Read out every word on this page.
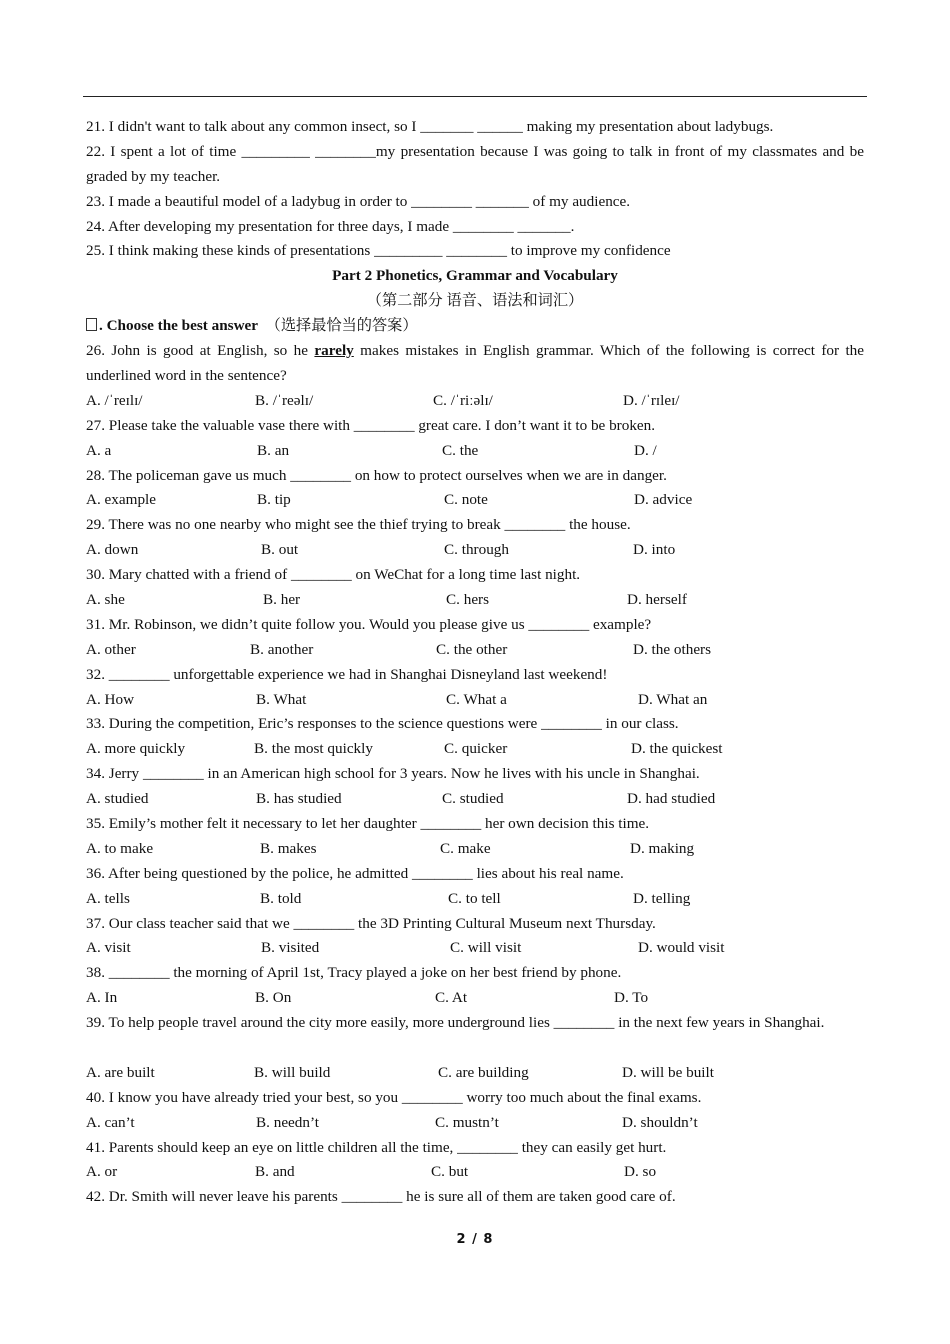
21. I didn't want to talk about any common insect, so I _______ ______ making my presentation about ladybugs.
22. I spent a lot of time _________ ________my presentation because I was going to talk in front of my classmates and be graded by my teacher.
23. I made a beautiful model of a ladybug in order to ________ _______ of my audience.
24. After developing my presentation for three days, I made ________ _______.
25. I think making these kinds of presentations _________ ________ to improve my confidence
Part 2 Phonetics, Grammar and Vocabulary
（第二部分 语音、语法和词汇）
. Choose the best answer （选择最恰当的答案）
26. John is good at English, so he rarely makes mistakes in English grammar. Which of the following is correct for the underlined word in the sentence?
A. /ˈreɪlɪ/	B. /ˈreəlɪ/	C. /ˈriːəlɪ/	D. /ˈrɪleɪ/
27. Please take the valuable vase there with ________ great care. I don’t want it to be broken.
A. a	B. an	C. the	D. /
28. The policeman gave us much ________ on how to protect ourselves when we are in danger.
A. example	B. tip	C. note	D. advice
29. There was no one nearby who might see the thief trying to break ________ the house.
A. down	B. out	C. through	D. into
30. Mary chatted with a friend of ________ on WeChat for a long time last night.
A. she	B. her	C. hers	D. herself
31. Mr. Robinson, we didn’t quite follow you. Would you please give us ________ example?
A. other	B. another	C. the other	D. the others
32. ________ unforgettable experience we had in Shanghai Disneyland last weekend!
A. How	B. What	C. What a	D. What an
33. During the competition, Eric’s responses to the science questions were ________ in our class.
A. more quickly	B. the most quickly	C. quicker	D. the quickest
34. Jerry ________ in an American high school for 3 years. Now he lives with his uncle in Shanghai.
A. studied	B. has studied	C. studied	D. had studied
35. Emily’s mother felt it necessary to let her daughter ________ her own decision this time.
A. to make	B. makes	C. make	D. making
36. After being questioned by the police, he admitted ________ lies about his real name.
A. tells	B. told	C. to tell	D. telling
37. Our class teacher said that we ________ the 3D Printing Cultural Museum next Thursday.
A. visit	B. visited	C. will visit	D. would visit
38. ________ the morning of April 1st, Tracy played a joke on her best friend by phone.
A. In	B. On	C. At	D. To
39. To help people travel around the city more easily, more underground lies ________ in the next few years in Shanghai.
A. are built	B. will build	C. are building	D. will be built
40. I know you have already tried your best, so you ________ worry too much about the final exams.
A. can’t	B. needn’t	C. mustn’t	D. shouldn’t
41. Parents should keep an eye on little children all the time, ________ they can easily get hurt.
A. or	B. and	C. but	D. so
42. Dr. Smith will never leave his parents ________ he is sure all of them are taken good care of.
2 / 8
